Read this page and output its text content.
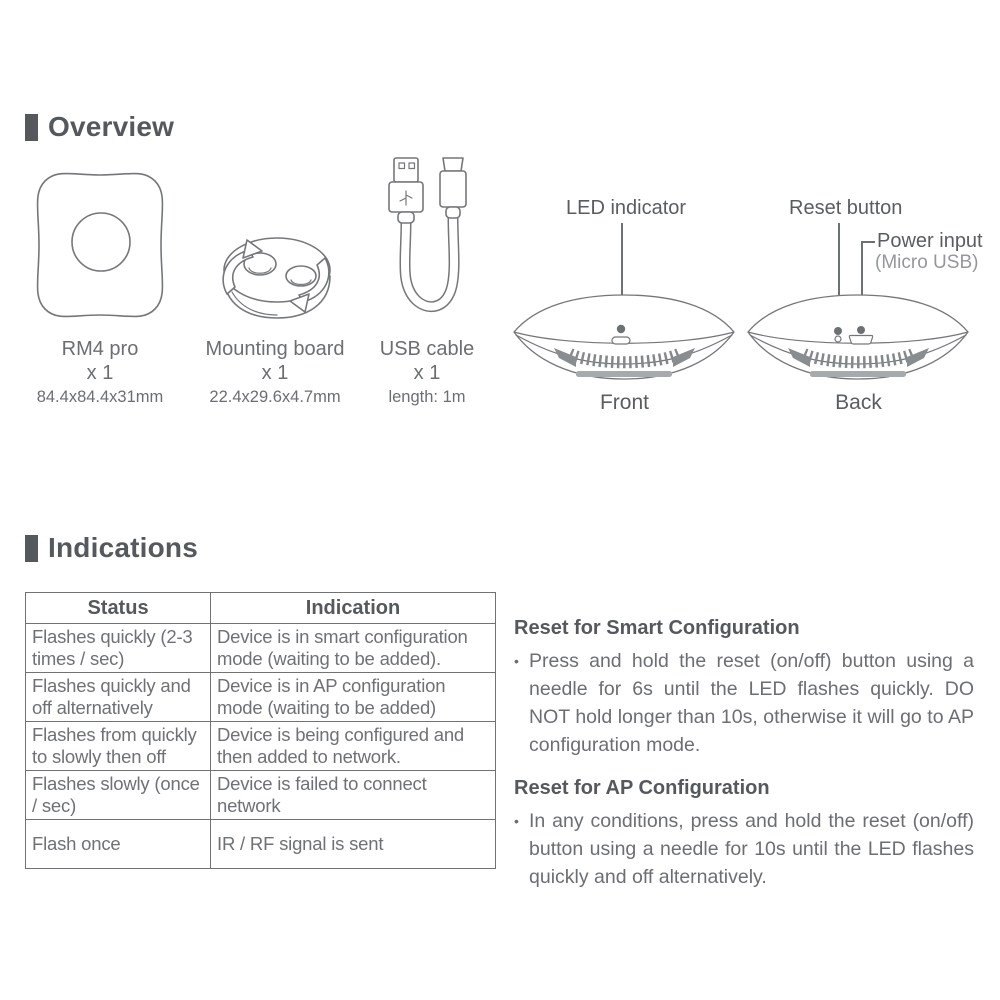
Overview
RM4 pro
x 1
Mounting board
x 1
USB cable
x 1
84.4x84.4x31mm	22.4x29.6x4.7mm	length: 1m
LED indicator	Reset button
Power input
(Micro USB)
Front	Back
Indications
Status	Indication
Flashes quickly (2-3 times / sec)	Device is in smart configuration mode (waiting to be added).
Flashes quickly and off alternatively	Device is in AP configuration mode (waiting to be added)
Flashes from quickly to slowly then off	Device is being configured and then added to network.
Flashes slowly (once / sec)	Device is failed to connect network
Flash once	IR / RF signal is sent
Reset for Smart Configuration
• Press and hold the reset (on/off) button using a needle for 6s until the LED flashes quickly. DO NOT hold longer than 10s, otherwise it will go to AP configuration mode.

Reset for AP Configuration
• In any conditions, press and hold the reset (on/off) button using a needle for 10s until the LED flashes quickly and off alternatively.
